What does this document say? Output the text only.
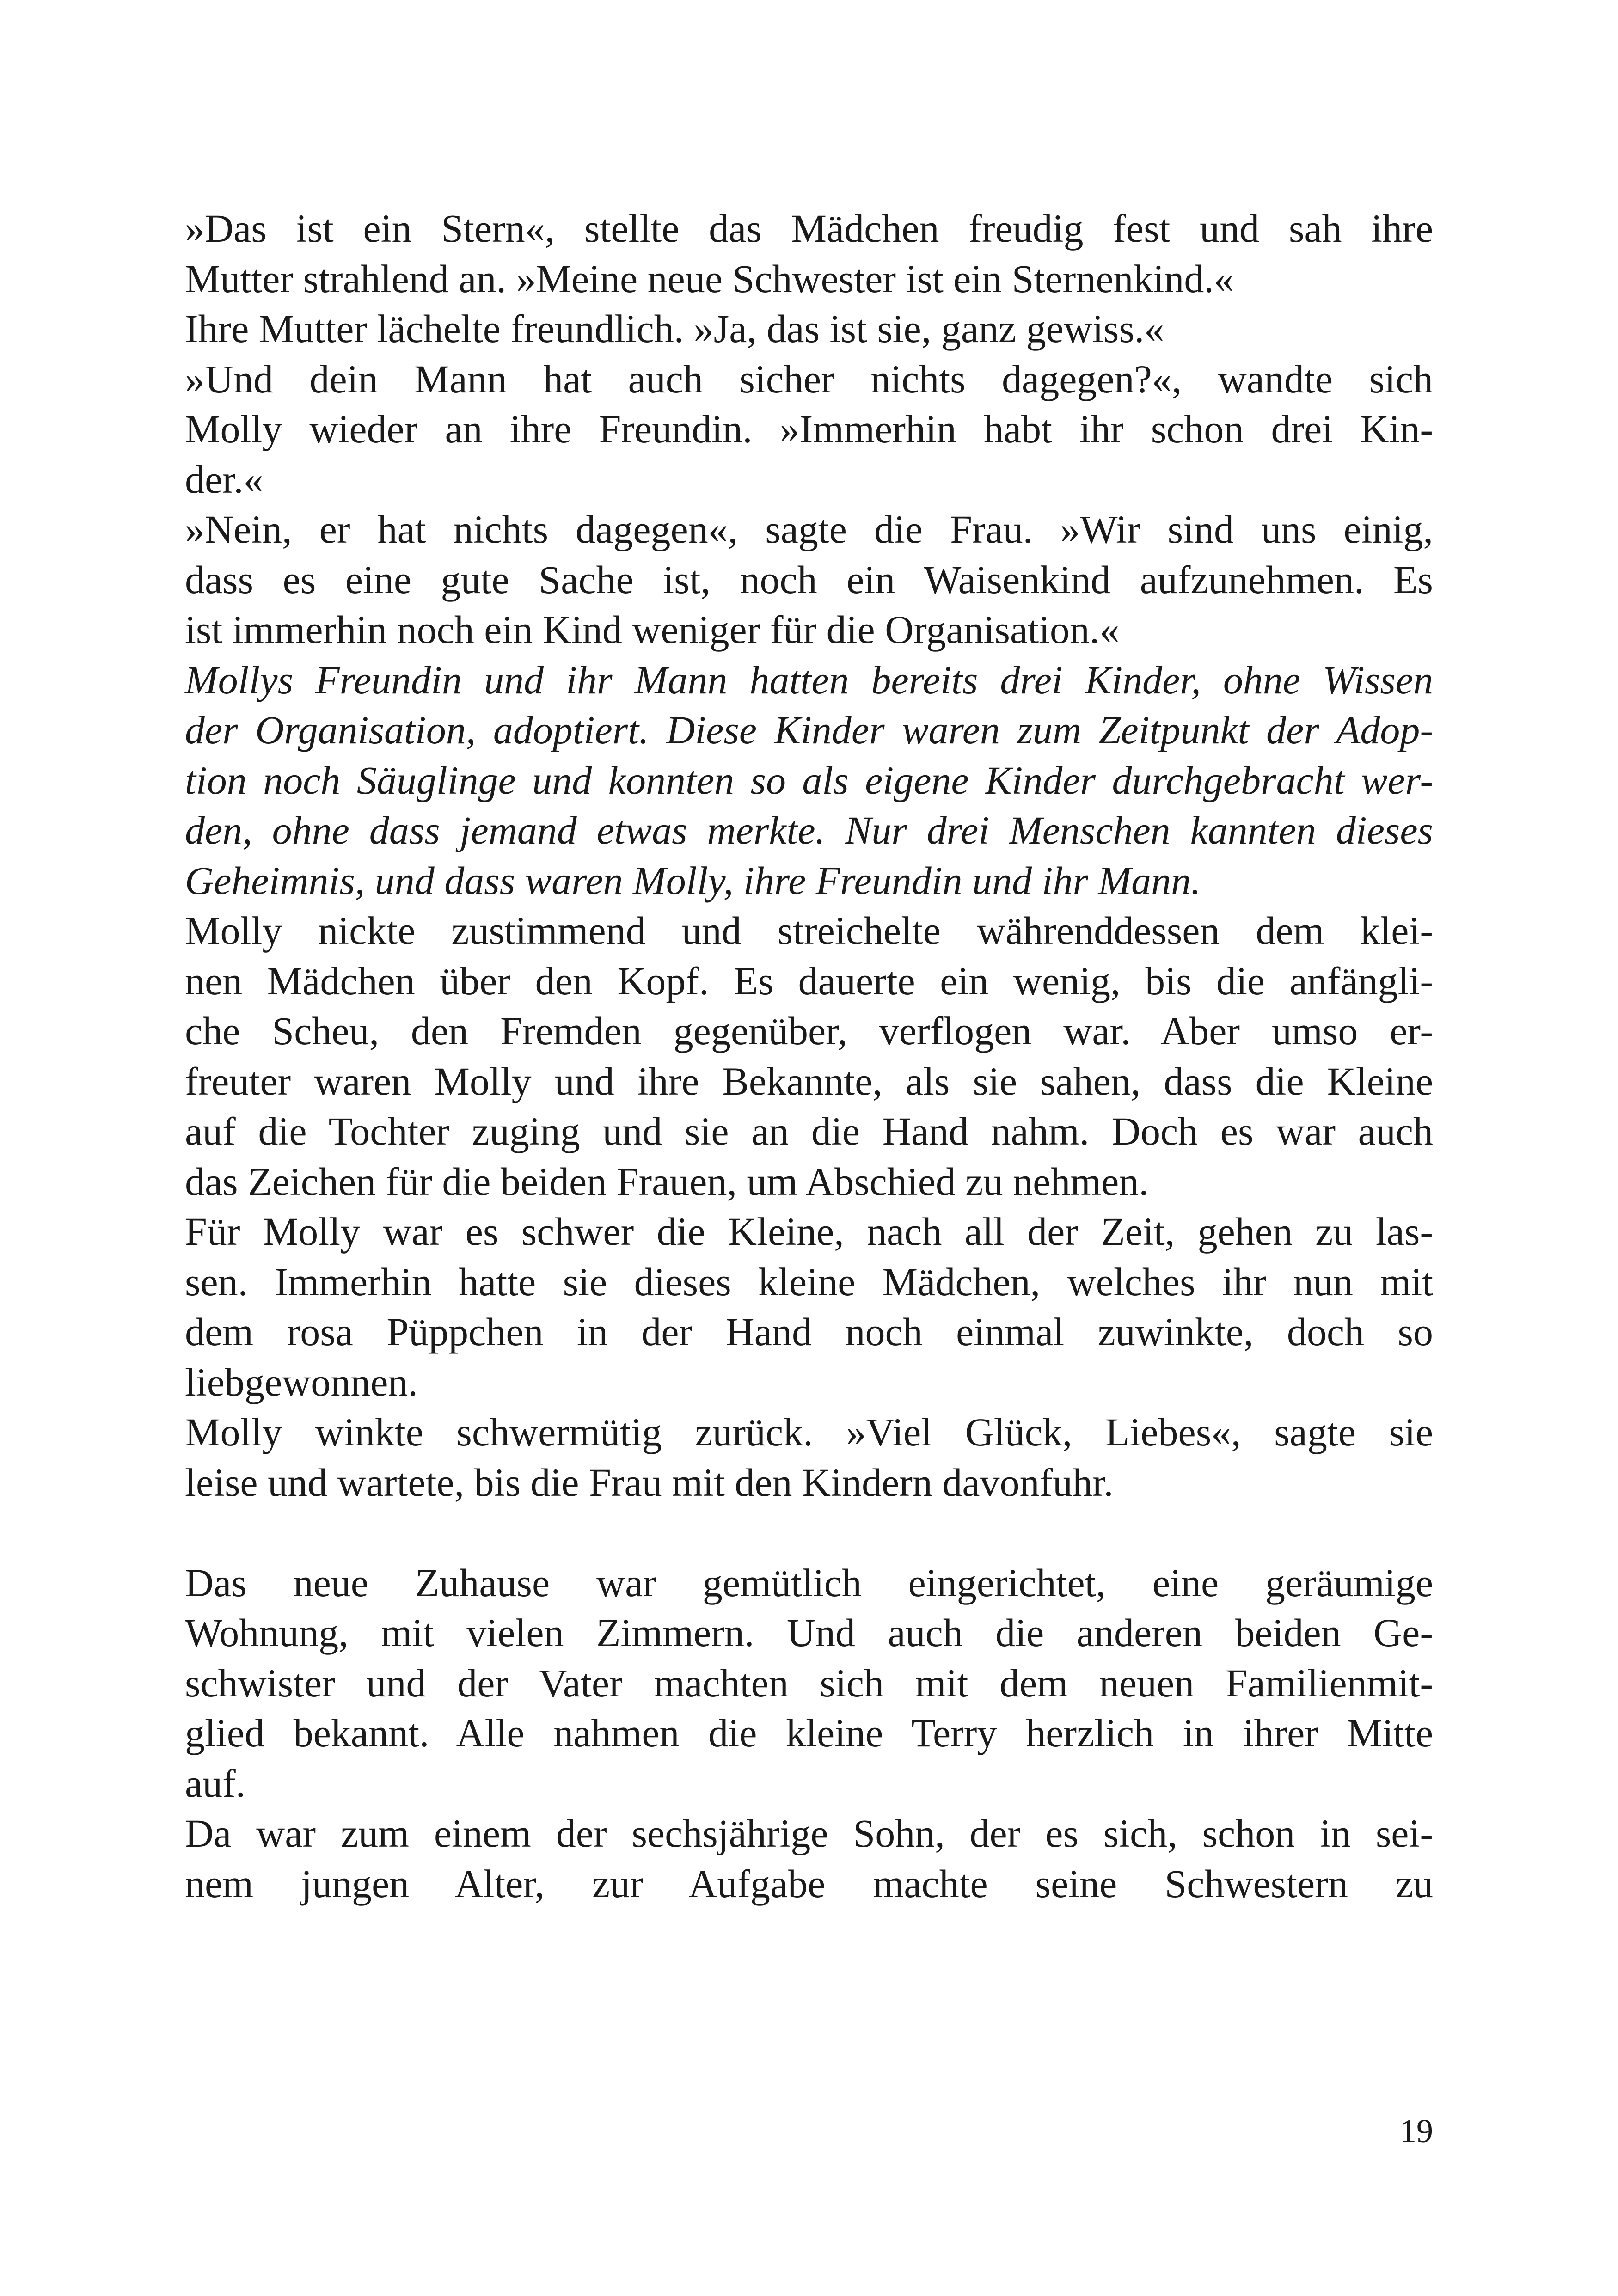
»Das ist ein Stern«, stellte das Mädchen freudig fest und sah ihre
Mutter strahlend an. »Meine neue Schwester ist ein Sternenkind.«
Ihre Mutter lächelte freundlich. »Ja, das ist sie, ganz gewiss.«
»Und dein Mann hat auch sicher nichts dagegen?«, wandte sich
Molly wieder an ihre Freundin. »Immerhin habt ihr schon drei Kin-
der.«
»Nein, er hat nichts dagegen«, sagte die Frau. »Wir sind uns einig,
dass es eine gute Sache ist, noch ein Waisenkind aufzunehmen. Es
ist immerhin noch ein Kind weniger für die Organisation.«
Mollys Freundin und ihr Mann hatten bereits drei Kinder, ohne Wissen
der Organisation, adoptiert. Diese Kinder waren zum Zeitpunkt der Adop-
tion noch Säuglinge und konnten so als eigene Kinder durchgebracht wer-
den, ohne dass jemand etwas merkte. Nur drei Menschen kannten dieses
Geheimnis, und dass waren Molly, ihre Freundin und ihr Mann.
Molly nickte zustimmend und streichelte währenddessen dem klei-
nen Mädchen über den Kopf. Es dauerte ein wenig, bis die anfängli-
che Scheu, den Fremden gegenüber, verflogen war. Aber umso er-
freuter waren Molly und ihre Bekannte, als sie sahen, dass die Kleine
auf die Tochter zuging und sie an die Hand nahm. Doch es war auch
das Zeichen für die beiden Frauen, um Abschied zu nehmen.
Für Molly war es schwer die Kleine, nach all der Zeit, gehen zu las-
sen. Immerhin hatte sie dieses kleine Mädchen, welches ihr nun mit
dem rosa Püppchen in der Hand noch einmal zuwinkte, doch so
liebgewonnen.
Molly winkte schwermütig zurück. »Viel Glück, Liebes«, sagte sie
leise und wartete, bis die Frau mit den Kindern davonfuhr.
Das neue Zuhause war gemütlich eingerichtet, eine geräumige
Wohnung, mit vielen Zimmern. Und auch die anderen beiden Ge-
schwister und der Vater machten sich mit dem neuen Familienmit-
glied bekannt. Alle nahmen die kleine Terry herzlich in ihrer Mitte
auf.
Da war zum einem der sechsjährige Sohn, der es sich, schon in sei-
nem jungen Alter, zur Aufgabe machte seine Schwestern zu
19
